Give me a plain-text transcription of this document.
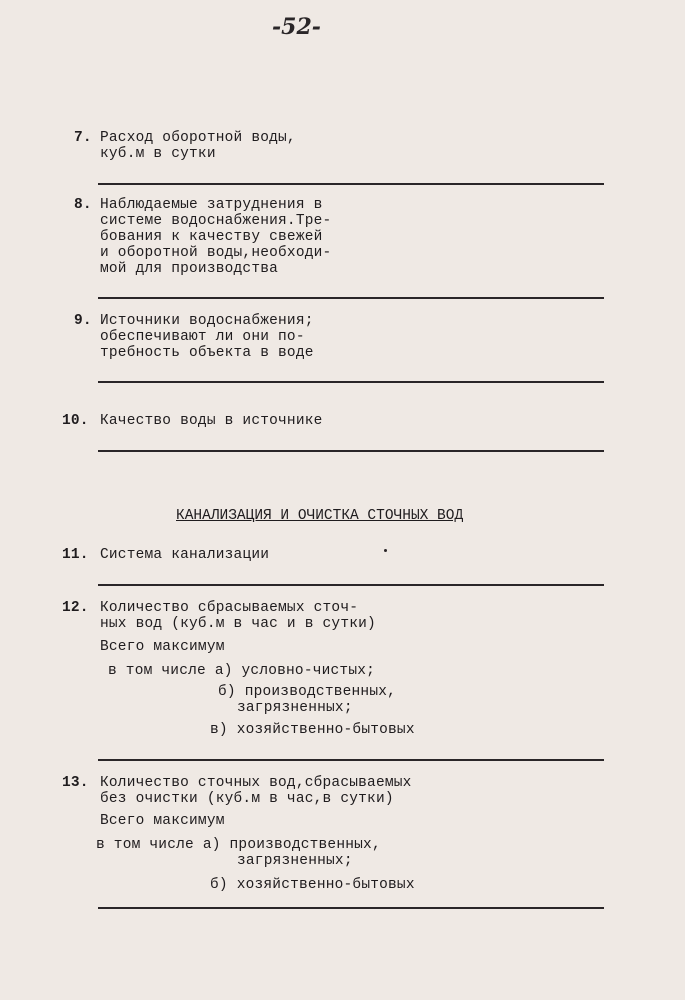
-52-
7. Расход оборотной воды,
куб.м в сутки
8. Наблюдаемые затруднения в
системе водоснабжения.Тре-
бования к качеству свежей
и оборотной воды,необходи-
мой для производства
9. Источники водоснабжения;
обеспечивают ли они по-
требность объекта в воде
10. Качество воды в источнике
КАНАЛИЗАЦИЯ И ОЧИСТКА СТОЧНЫХ ВОД
11. Система канализации
12. Количество сбрасываемых сточ-
ных вод (куб.м в час и в сутки)
Всего максимум
в том числе а) условно-чистых;
б) производственных,
загрязненных;
в) хозяйственно-бытовых
13. Количество сточных вод,сбрасываемых
без очистки (куб.м в час,в сутки)
Всего максимум
в том числе а) производственных,
загрязненных;
б) хозяйственно-бытовых
